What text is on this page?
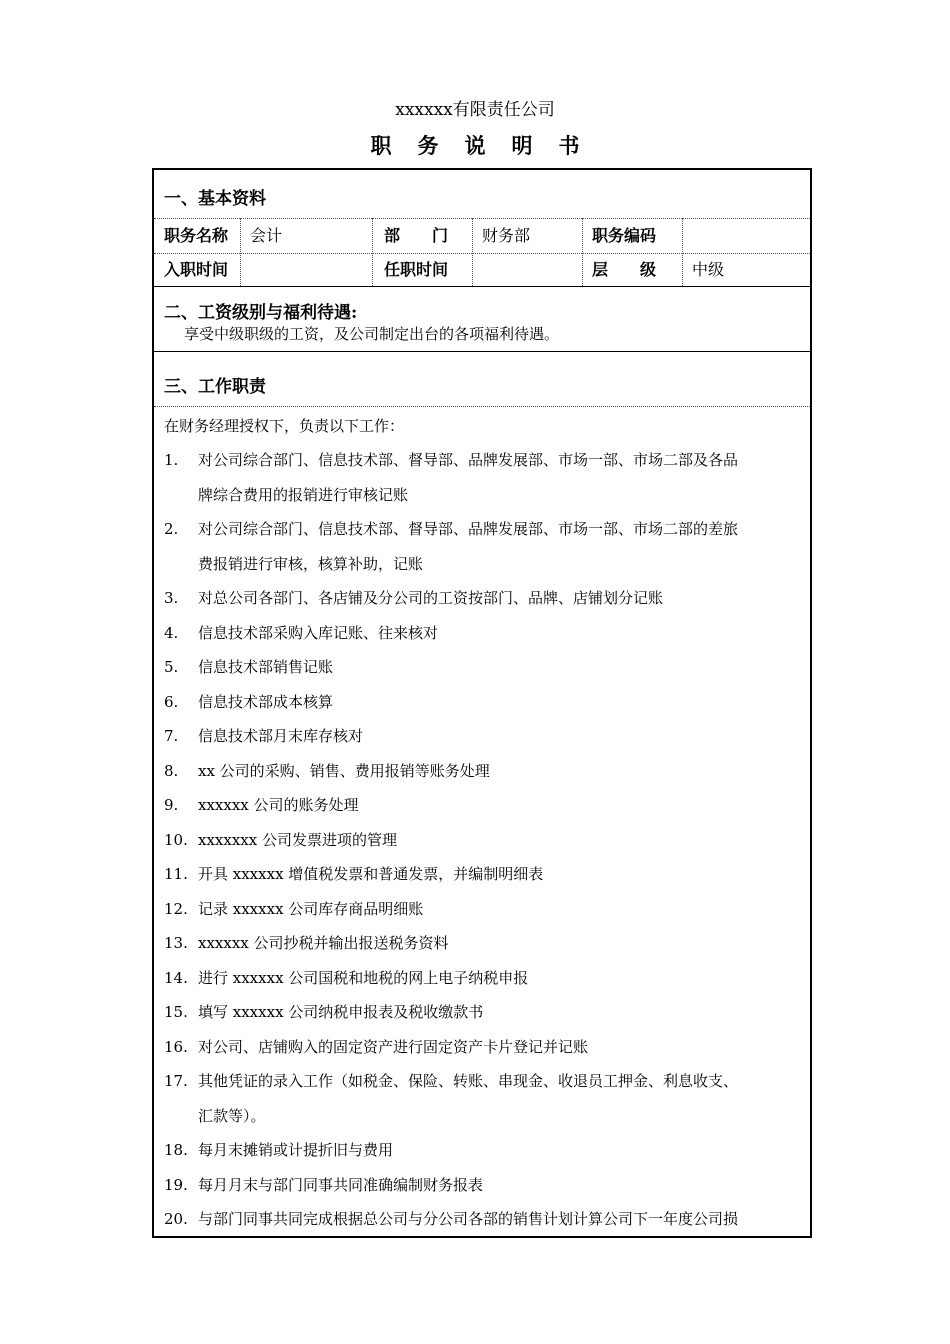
xxxxxx有限责任公司
职务说明书
一、基本资料
职务名称 会计	部　　门 财务部	职务编码
入职时间	任职时间	层　　级 中级
二、工资级别与福利待遇:
享受中级职级的工资，及公司制定出台的各项福利待遇。
三、工作职责
在财务经理授权下，负责以下工作：
1.	对公司综合部门、信息技术部、督导部、品牌发展部、市场一部、市场二部及各品
牌综合费用的报销进行审核记账
2.	对公司综合部门、信息技术部、督导部、品牌发展部、市场一部、市场二部的差旅
费报销进行审核，核算补助，记账
3.	对总公司各部门、各店铺及分公司的工资按部门、品牌、店铺划分记账
4.	信息技术部采购入库记账、往来核对
5.	信息技术部销售记账
6.	信息技术部成本核算
7.	信息技术部月末库存核对
8.	xx 公司的采购、销售、费用报销等账务处理
9.	xxxxxx 公司的账务处理
10. xxxxxxx 公司发票进项的管理
11. 开具 xxxxxx 增值税发票和普通发票，并编制明细表
12. 记录 xxxxxx 公司库存商品明细账
13. xxxxxx 公司抄税并输出报送税务资料
14. 进行 xxxxxx 公司国税和地税的网上电子纳税申报
15. 填写 xxxxxx 公司纳税申报表及税收缴款书
16. 对公司、店铺购入的固定资产进行固定资产卡片登记并记账
17. 其他凭证的录入工作（如税金、保险、转账、串现金、收退员工押金、利息收支、
汇款等）。
18. 每月末摊销或计提折旧与费用
19. 每月月末与部门同事共同准确编制财务报表
20. 与部门同事共同完成根据总公司与分公司各部的销售计划计算公司下一年度公司损
